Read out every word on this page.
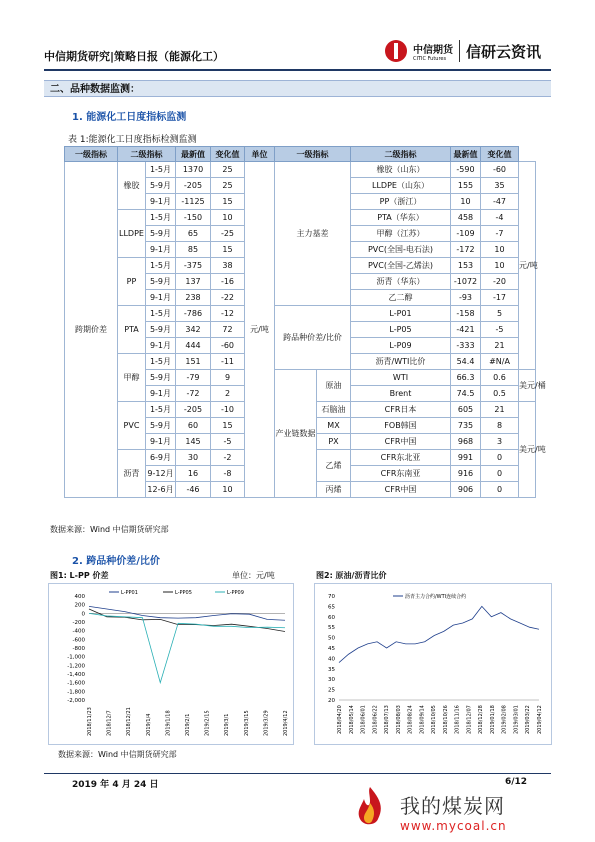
中信期货研究|策略日报（能源化工）	中信期货
CITIC Futures	信研云资讯
二、品种数据监测：
1. 能源化工日度指标监测
表 1:能源化工日度指标检测监测
一级指标	二级指标		最新值	变化值	单位	一级指标		二级指标	最新值	变化值	
跨期价差	橡胶	1-5月	1370	25	元/吨	主力基差		橡胶（山东）	-590	-60	元/吨
		5-9月	-205	25				LLDPE（山东）	155	35	
		9-1月	-1125	15				PP（浙江）	10	-47	
	LLDPE	1-5月	-150	10				PTA（华东）	458	-4	
		5-9月	65	-25				甲醇（江苏）	-109	-7	
		9-1月	85	15				PVC(全国-电石法)	-172	10	
	PP	1-5月	-375	38				PVC(全国-乙烯法)	153	10	
		5-9月	137	-16				沥青（华东）	-1072	-20	
		9-1月	238	-22				乙二醇	-93	-17	
	PTA	1-5月	-786	-12		跨品种价差/比价		L-P01	-158	5	
		5-9月	342	72				L-P05	-421	-5	
		9-1月	444	-60				L-P09	-333	21	
	甲醇	1-5月	151	-11				沥青/WTI比价	54.4	#N/A	
		5-9月	-79	9		产业链数据	原油	WTI	66.3	0.6	美元/桶
		9-1月	-72	2				Brent	74.5	0.5	
	PVC	1-5月	-205	-10			石脑油	CFR日本	605	21	美元/吨
		5-9月	60	15			MX	FOB韩国	735	8	
		9-1月	145	-5			PX	CFR中国	968	3	
	沥青	6-9月	30	-2			乙烯	CFR东北亚	991	0	
		9-12月	16	-8				CFR东南亚	916	0	
		12-6月	-46	10			丙烯	CFR中国	906	0	
数据来源：Wind 中信期货研究部
2. 跨品种价差/比价
图1: L-PP 价差	单位：元/吨	图2: 原油/沥青比价
400
200
0
-200
-400
-600
-800
-1,000
-1,200
-1,400
-1,600
-1,800
-2,000
2018/11/23	2018/12/7	2018/12/21	2019/1/4	2019/1/18	2019/2/1	2019/2/15	2019/3/1	2019/3/15	2019/3/29	2019/4/12
L-PP01	L-PP05	L-PP09
70
65
60
55
50
45
40
35
30
25
20
2018/04/20 2018/05/14 2018/06/01 2018/06/22 2018/07/13 2018/08/03 2018/08/24 2018/09/14 2018/10/05 2018/10/26 2018/11/16 2018/12/07 2018/12/28 2019/01/18 2019/02/08 2019/03/01 2019/03/22 2019/04/12
沥青主力合约/WTI连续合约
数据来源：Wind 中信期货研究部
2019 年 4 月 24 日	6/12
我的煤炭网
www.mycoal.cn
